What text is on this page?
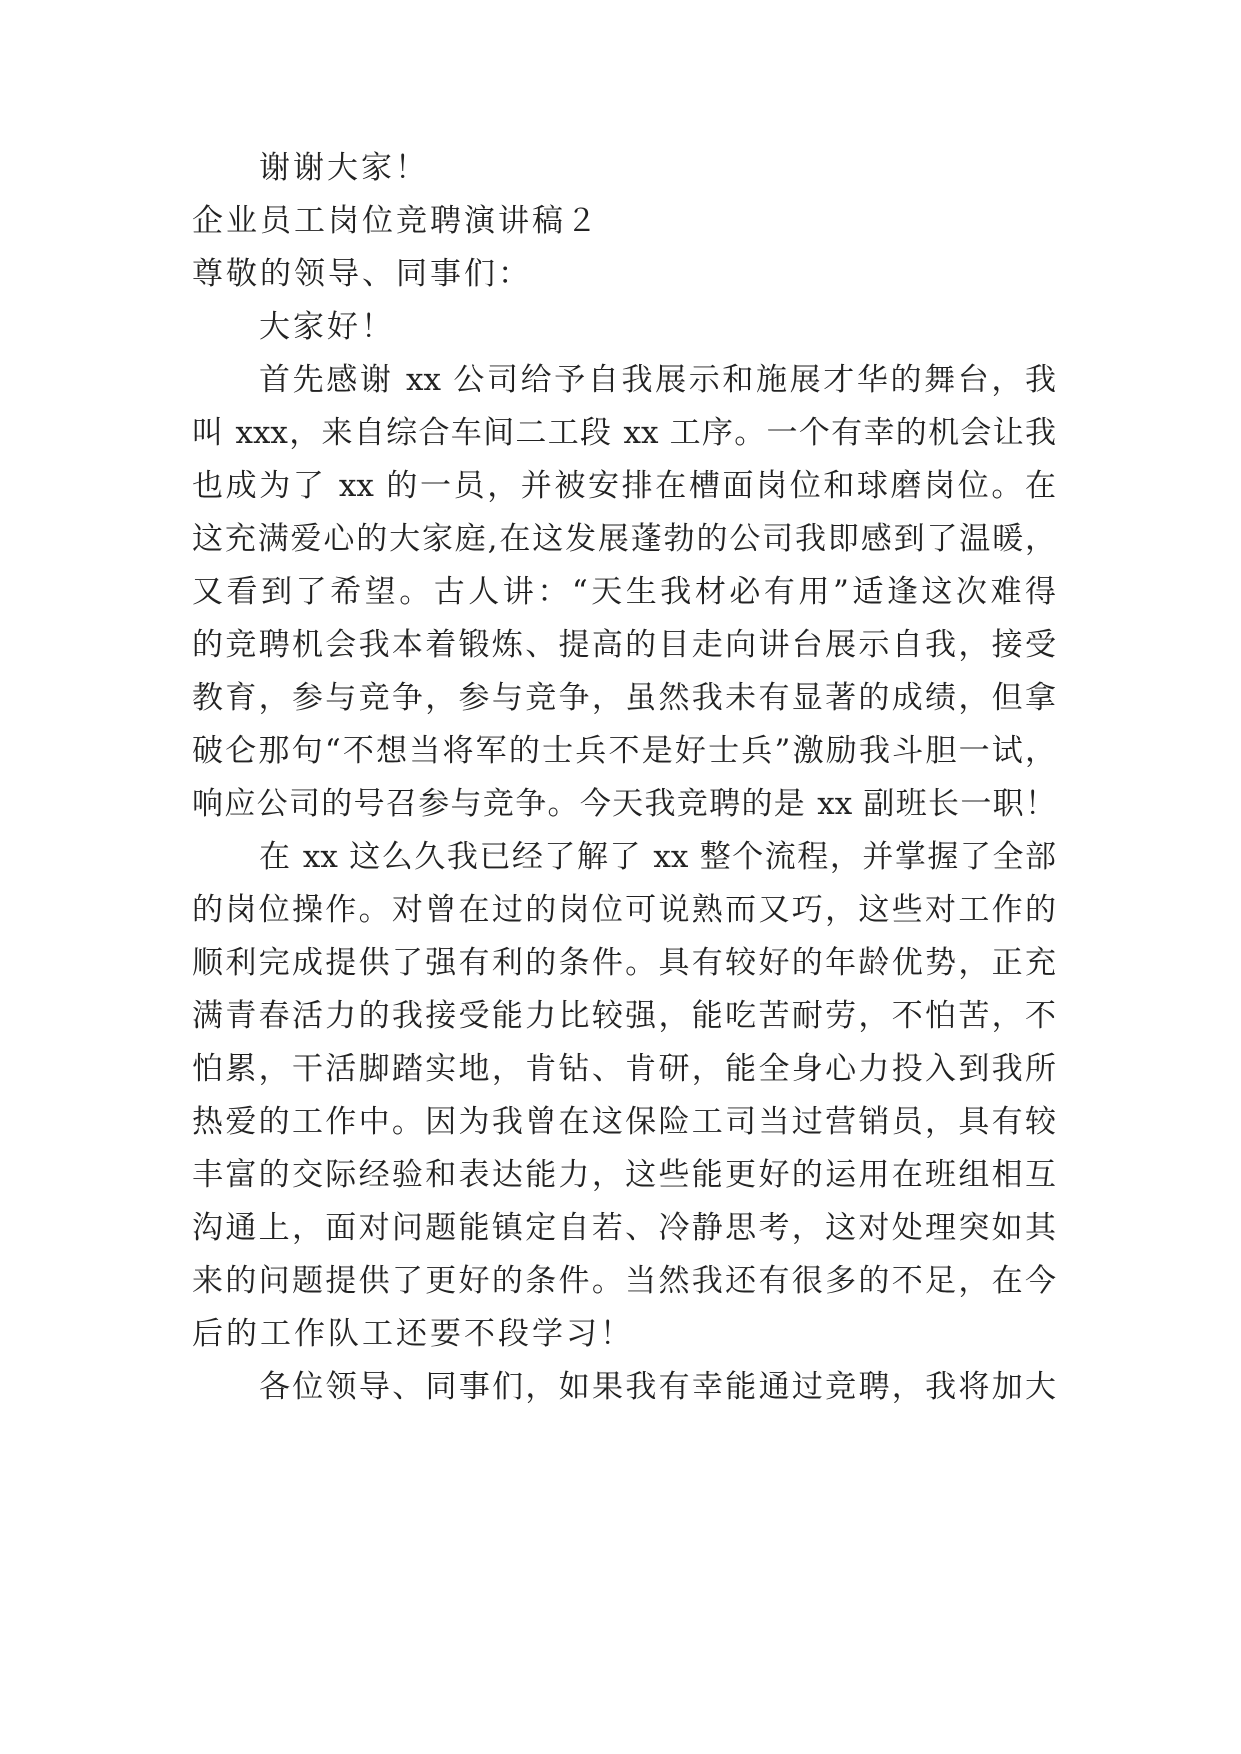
谢谢大家！
企业员工岗位竞聘演讲稿２
尊敬的领导、同事们：
大家好！
首先感谢 xx 公司给予自我展示和施展才华的舞台，我
叫 xxx，来自综合车间二工段 xx 工序。一个有幸的机会让我
也成为了 xx 的一员，并被安排在槽面岗位和球磨岗位。在
这充满爱心的大家庭,在这发展蓬勃的公司我即感到了温暖，
又看到了希望。古人讲：“天生我材必有用”适逢这次难得
的竞聘机会我本着锻炼、提高的目走向讲台展示自我，接受
教育，参与竞争，参与竞争，虽然我未有显著的成绩，但拿
破仑那句“不想当将军的士兵不是好士兵”激励我斗胆一试，
响应公司的号召参与竞争。今天我竞聘的是 xx 副班长一职！
在 xx 这么久我已经了解了 xx 整个流程，并掌握了全部
的岗位操作。对曾在过的岗位可说熟而又巧，这些对工作的
顺利完成提供了强有利的条件。具有较好的年龄优势，正充
满青春活力的我接受能力比较强，能吃苦耐劳，不怕苦，不
怕累，干活脚踏实地，肯钻、肯研，能全身心力投入到我所
热爱的工作中。因为我曾在这保险工司当过营销员，具有较
丰富的交际经验和表达能力，这些能更好的运用在班组相互
沟通上，面对问题能镇定自若、冷静思考，这对处理突如其
来的问题提供了更好的条件。当然我还有很多的不足，在今
后的工作队工还要不段学习！
各位领导、同事们，如果我有幸能通过竞聘，我将加大
